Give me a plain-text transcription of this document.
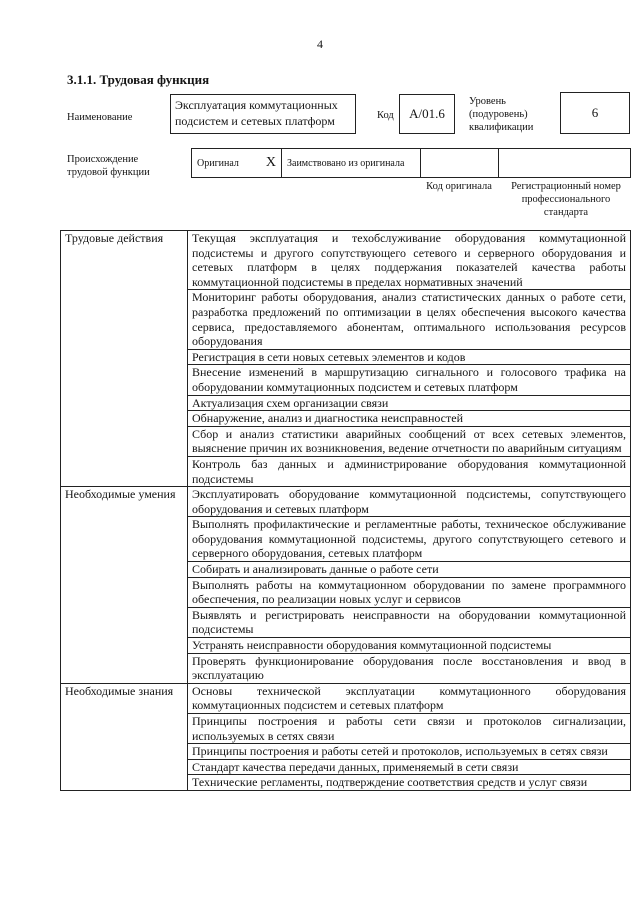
4
3.1.1. Трудовая функция
Наименование
Эксплуатация коммутационных подсистем и сетевых платформ	Код	А/01.6
Уровень (подуровень) квалификации
6
Происхождение трудовой функции
Оригинал X Заимствовано из оригинала
Код оригинала	Регистрационный номер профессионального стандарта
Трудовые действия	Текущая эксплуатация и техобслуживание оборудования коммутационной подсистемы и другого сопутствующего сетевого и серверного оборудования и сетевых платформ в целях поддержания показателей качества работы коммутационной подсистемы в пределах нормативных значений
	Мониторинг работы оборудования, анализ статистических данных о работе сети, разработка предложений по оптимизации в целях обеспечения высокого качества сервиса, предоставляемого абонентам, оптимального использования ресурсов оборудования
	Регистрация в сети новых сетевых элементов и кодов
	Внесение изменений в маршрутизацию сигнального и голосового трафика на оборудовании коммутационных подсистем и сетевых платформ
	Актуализация схем организации связи
	Обнаружение, анализ и диагностика неисправностей
	Сбор и анализ статистики аварийных сообщений от всех сетевых элементов, выяснение причин их возникновения, ведение отчетности по аварийным ситуациям
	Контроль баз данных и администрирование оборудования коммутационной подсистемы
Необходимые умения	Эксплуатировать оборудование коммутационной подсистемы, сопутствующего оборудования и сетевых платформ
	Выполнять профилактические и регламентные работы, техническое обслуживание оборудования коммутационной подсистемы, другого сопутствующего сетевого и серверного оборудования, сетевых платформ
	Собирать и анализировать данные о работе сети
	Выполнять работы на коммутационном оборудовании по замене программного обеспечения, по реализации новых услуг и сервисов
	Выявлять и регистрировать неисправности на оборудовании коммутационной подсистемы
	Устранять неисправности оборудования коммутационной подсистемы
	Проверять функционирование оборудования после восстановления и ввод в эксплуатацию
Необходимые знания	Основы технической эксплуатации коммутационного оборудования коммутационных подсистем и сетевых платформ
	Принципы построения и работы сети связи и протоколов сигнализации, используемых в сетях связи
	Принципы построения и работы сетей и протоколов, используемых в сетях связи
	Стандарт качества передачи данных, применяемый в сети связи
	Технические регламенты, подтверждение соответствия средств и услуг связи
